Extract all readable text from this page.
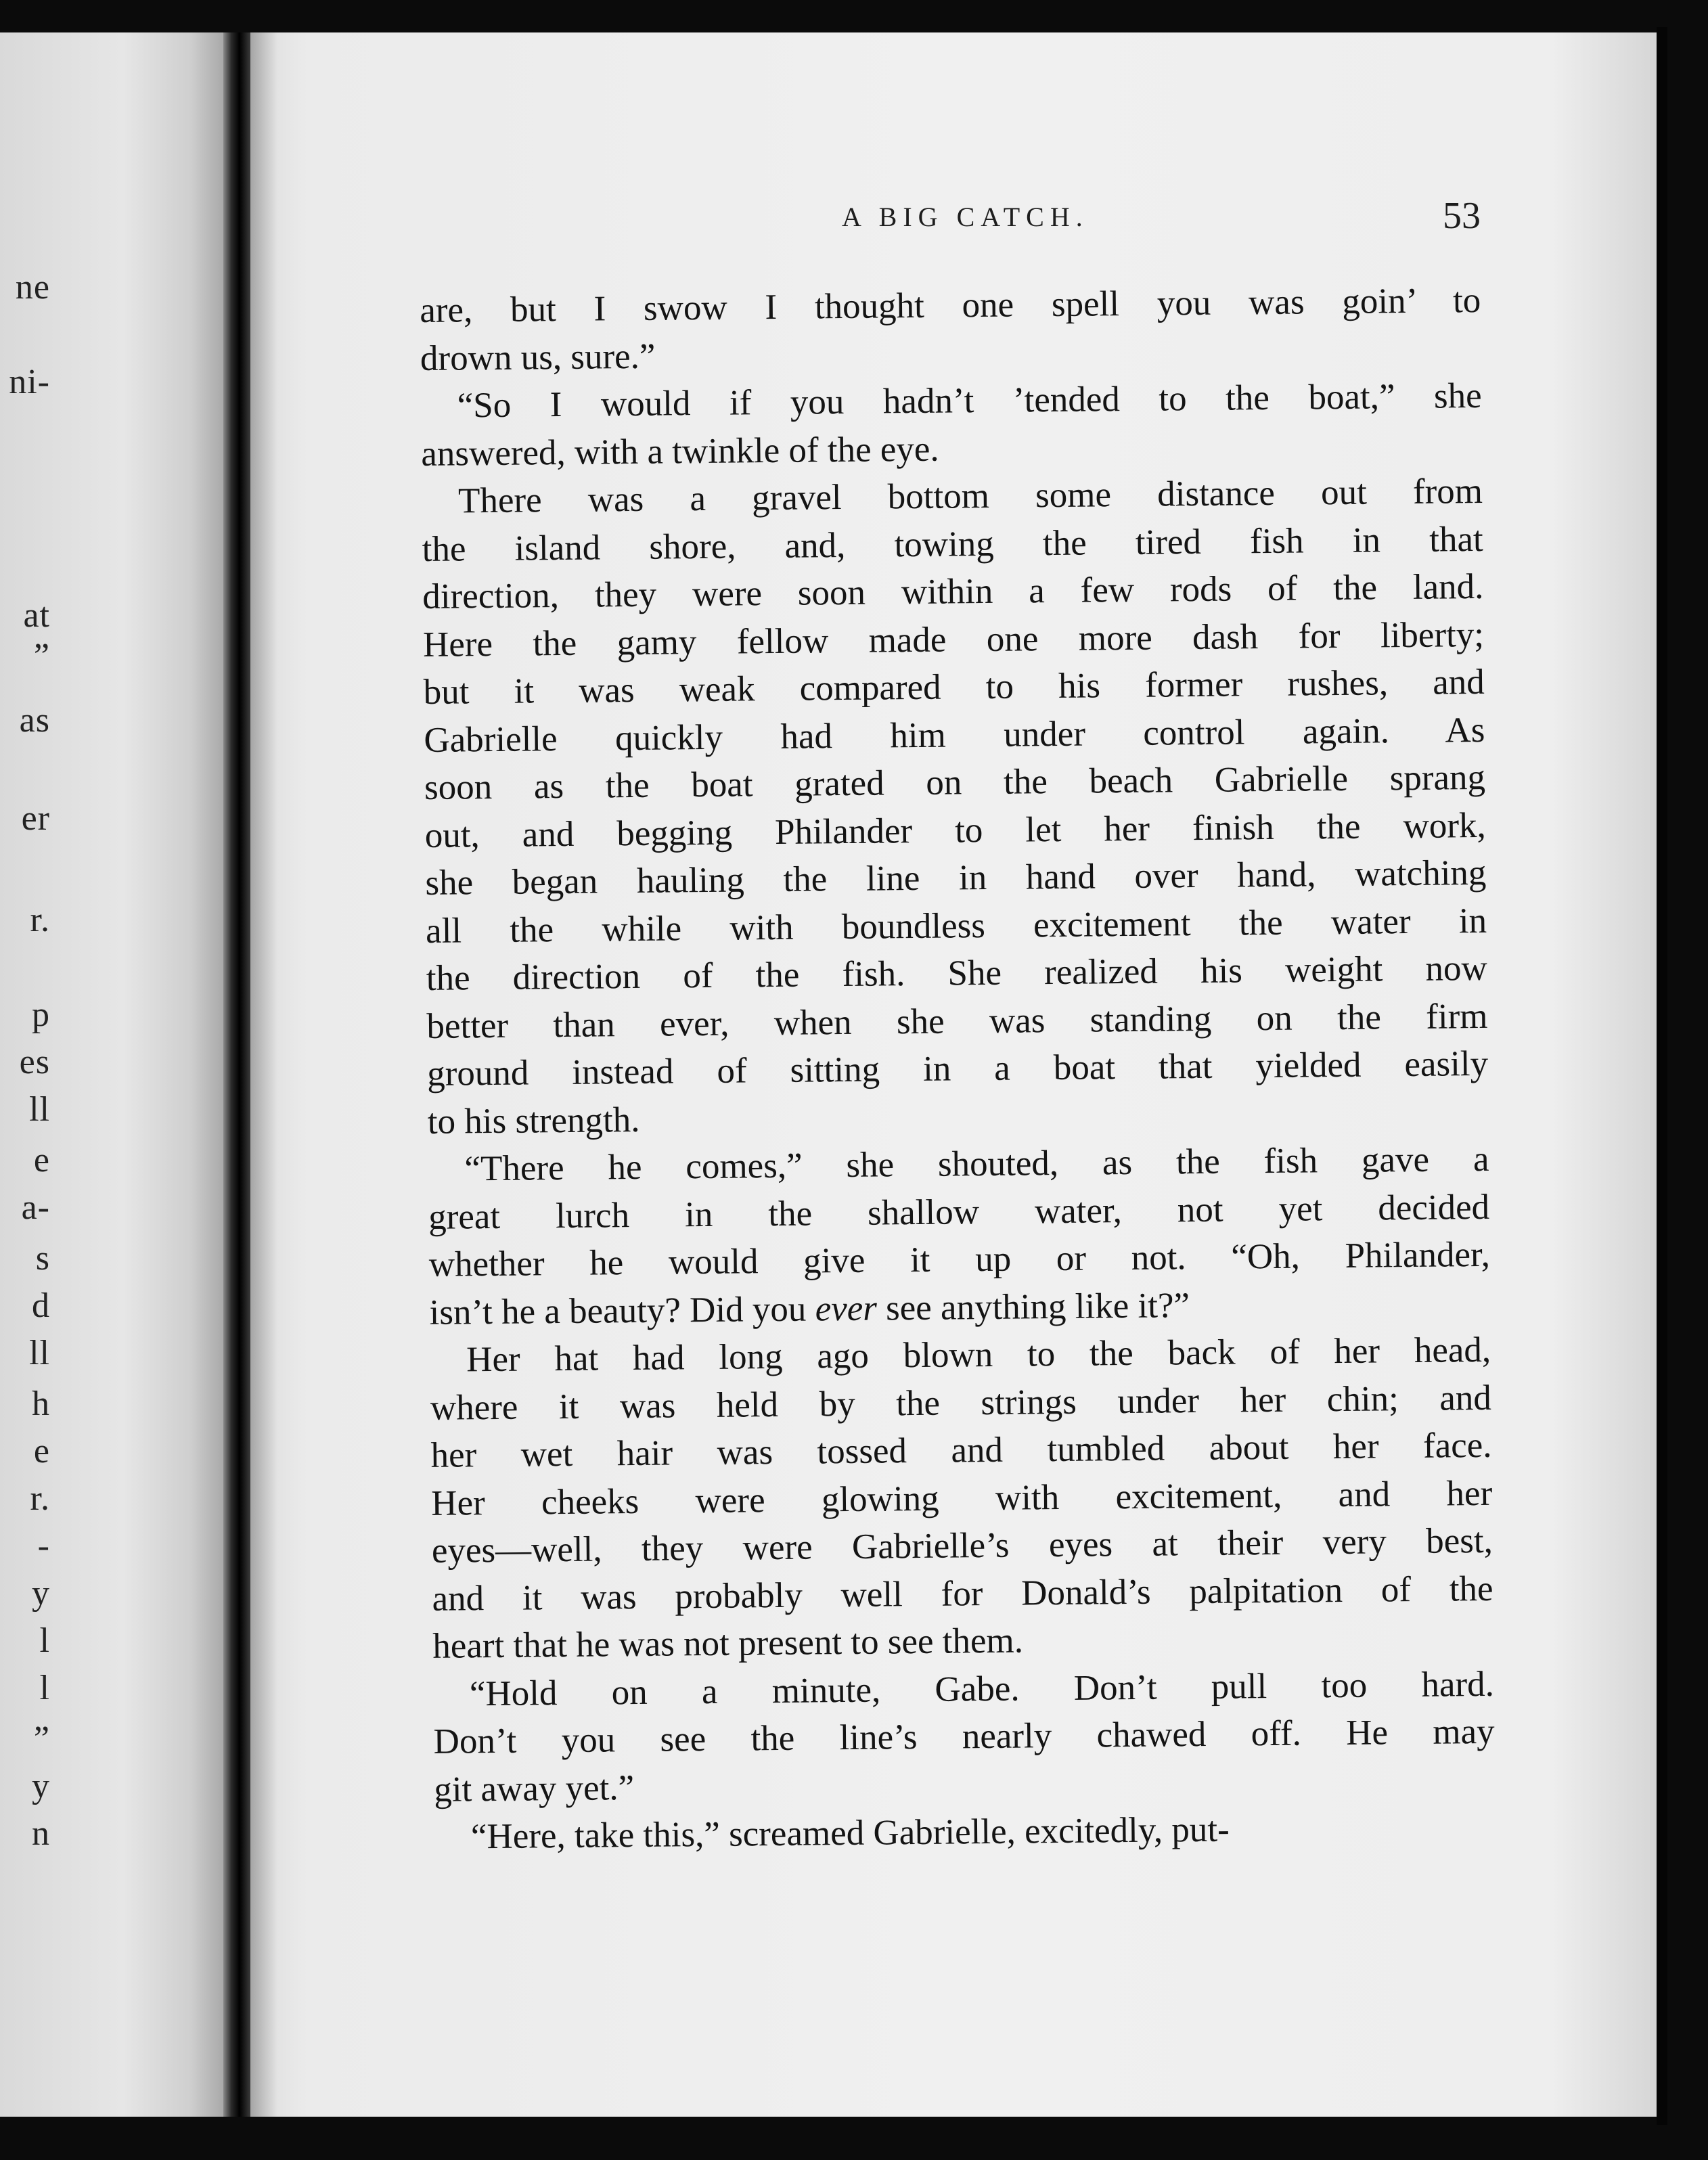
ne
ni-
at
”
as
er
r.
p
es
ll
e
a-
s
d
ll
h
e
r.
-
y
l
l
”
y
n
A BIG CATCH.	53
are, but I swow I thought one spell you was goin’ to
drown us, sure.”
“So I would if you hadn’t ’tended to the boat,” she
answered, with a twinkle of the eye.
There was a gravel bottom some distance out from
the island shore, and, towing the tired fish in that
direction, they were soon within a few rods of the land.
Here the gamy fellow made one more dash for liberty;
but it was weak compared to his former rushes, and
Gabrielle quickly had him under control again. As
soon as the boat grated on the beach Gabrielle sprang
out, and begging Philander to let her finish the work,
she began hauling the line in hand over hand, watching
all the while with boundless excitement the water in
the direction of the fish. She realized his weight now
better than ever, when she was standing on the firm
ground instead of sitting in a boat that yielded easily
to his strength.
“There he comes,” she shouted, as the fish gave a
great lurch in the shallow water, not yet decided
whether he would give it up or not. “Oh, Philander,
isn’t he a beauty? Did you ever see anything like it?”
Her hat had long ago blown to the back of her head,
where it was held by the strings under her chin; and
her wet hair was tossed and tumbled about her face.
Her cheeks were glowing with excitement, and her
eyes—well, they were Gabrielle’s eyes at their very best,
and it was probably well for Donald’s palpitation of the
heart that he was not present to see them.
“Hold on a minute, Gabe. Don’t pull too hard.
Don’t you see the line’s nearly chawed off. He may
git away yet.”
“Here, take this,” screamed Gabrielle, excitedly, put-
